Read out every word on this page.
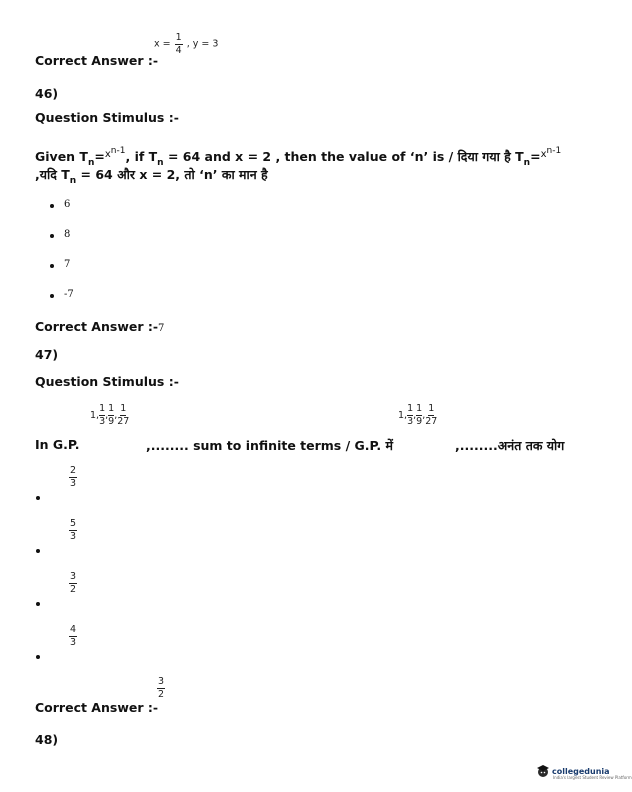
$x = \frac{1}{4}$ , y = 3
Correct Answer :-
46)
Question Stimulus :-
Given $T_n=^{xn-1}$, if $T_n = 64$ and x = 2 , then the value of ‘n’ is / दिया गया है $T_n=^{xn-1}$
,यदि $T_n = 64$ और x = 2, तो ‘n’ का मान है
6
8
7
-7
Correct Answer :-7
47)
Question Stimulus :-
1, $\frac{1}{3}$ , $\frac{1}{9}$ , $\frac{1}{27}$	1, $\frac{1}{3}$ , $\frac{1}{9}$ , $\frac{1}{27}$
In G.P.	,........ sum to infinite terms / G.P. में	,........अनंत तक योग
$\frac{2}{3}$
$\frac{5}{3}$
$\frac{3}{2}$
$\frac{4}{3}$
Correct Answer :-
$\frac{3}{2}$
48)
collegedunia
India's largest Student Review Platform
